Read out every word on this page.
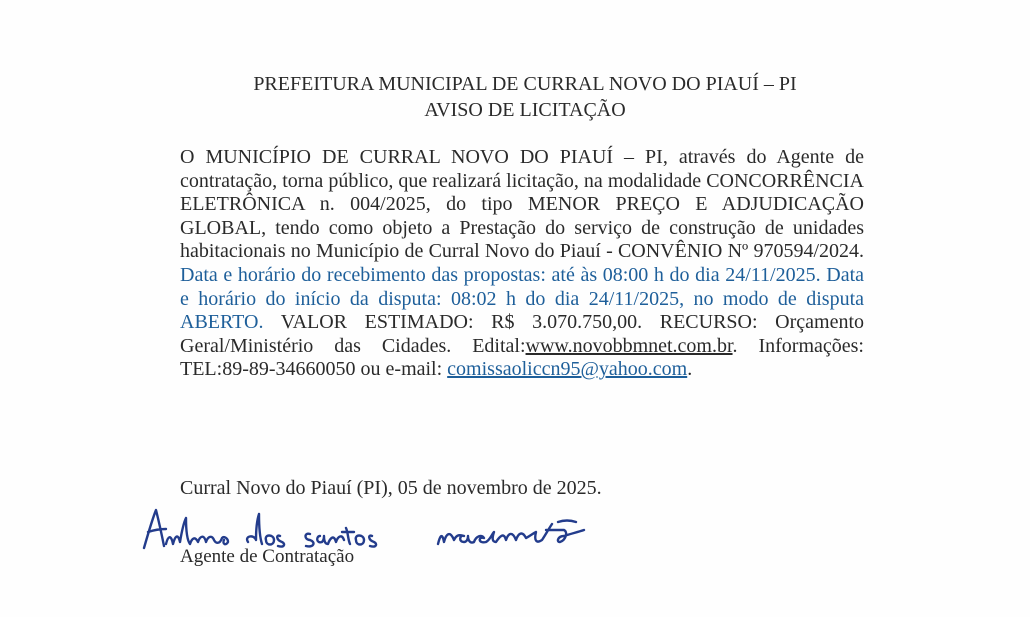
PREFEITURA MUNICIPAL DE CURRAL NOVO DO PIAUÍ – PI
AVISO DE LICITAÇÃO
O MUNICÍPIO DE CURRAL NOVO DO PIAUÍ – PI, através do Agente de contratação, torna público, que realizará licitação, na modalidade CONCORRÊNCIA ELETRÔNICA n. 004/2025, do tipo MENOR PREÇO E ADJUDICAÇÃO GLOBAL, tendo como objeto a Prestação do serviço de construção de unidades habitacionais no Município de Curral Novo do Piauí - CONVÊNIO Nº 970594/2024. Data e horário do recebimento das propostas: até às 08:00 h do dia 24/11/2025. Data e horário do início da disputa: 08:02 h do dia 24/11/2025, no modo de disputa ABERTO. VALOR ESTIMADO: R$ 3.070.750,00. RECURSO: Orçamento Geral/Ministério das Cidades. Edital:www.novobbmnet.com.br. Informações: TEL:89-89-34660050 ou e-mail: comissaoliccn95@yahoo.com.
Curral Novo do Piauí (PI), 05 de novembro de 2025.
Agente de Contratação
